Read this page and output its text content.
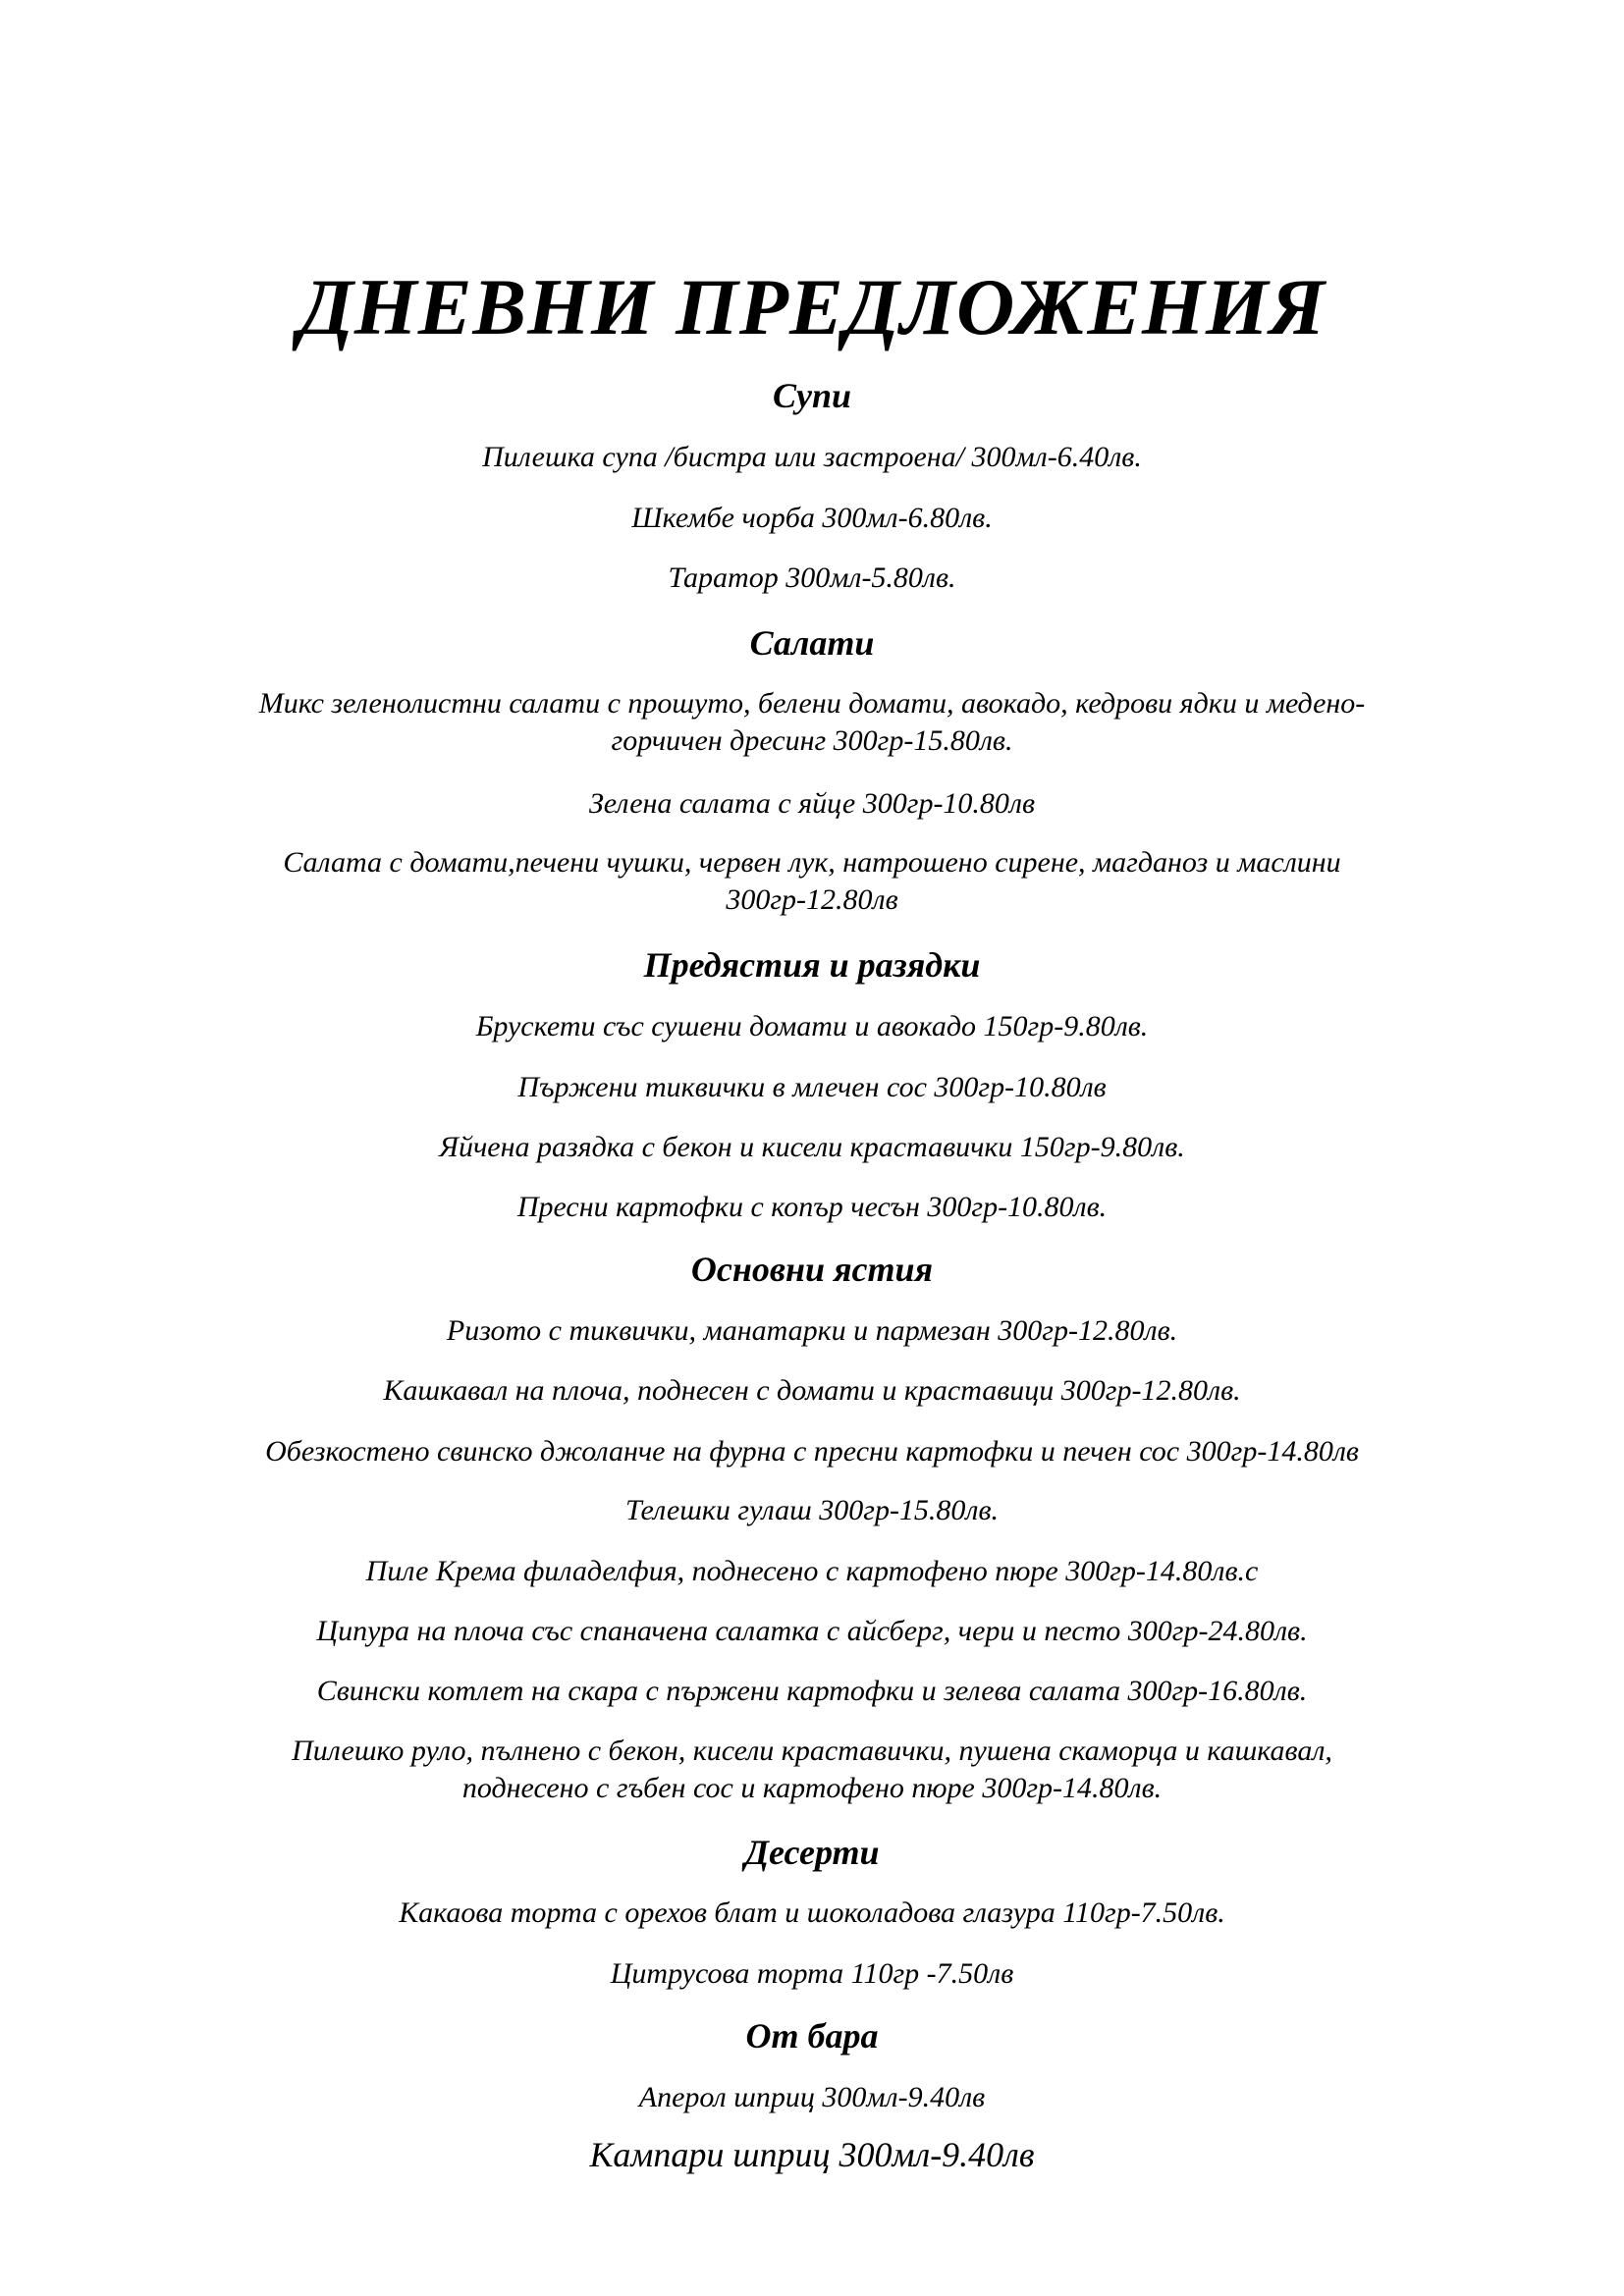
ДНЕВНИ ПРЕДЛОЖЕНИЯ
Супи
Пилешка супа /бистра или застроена/ 300мл-6.40лв.
Шкембе чорба 300мл-6.80лв.
Таратор 300мл-5.80лв.
Салати
Микс зеленолистни салати с прошуто, белени домати, авокадо, кедрови ядки и медено-
горчичен дресинг 300гр-15.80лв.
Зелена салата с яйце 300гр-10.80лв
Салата с домати,печени чушки, червен лук, натрошено сирене, магданоз и маслини
300гр-12.80лв
Предястия и разядки
Брускети със сушени домати и авокадо 150гр-9.80лв.
Пържени тиквички в млечен сос 300гр-10.80лв
Яйчена разядка с бекон и кисели краставички 150гр-9.80лв.
Пресни картофки с копър чесън 300гр-10.80лв.
Основни ястия
Ризото с тиквички, манатарки и пармезан 300гр-12.80лв.
Кашкавал на плоча, поднесен с домати и краставици 300гр-12.80лв.
Обезкостено свинско джоланче на фурна с пресни картофки и печен сос 300гр-14.80лв
Телешки гулаш 300гр-15.80лв.
Пиле Крема филаделфия, поднесено с картофено пюре 300гр-14.80лв.с
Ципура на плоча със спаначена салатка с айсберг, чери и песто 300гр-24.80лв.
Свински котлет на скара с пържени картофки и зелева салата 300гр-16.80лв.
Пилешко руло, пълнено с бекон, кисели краставички, пушена скаморца и кашкавал,
поднесено с гъбен сос и картофено пюре 300гр-14.80лв.
Десерти
Какаова торта с орехов блат и шоколадова глазура 110гр-7.50лв.
Цитрусова торта 110гр -7.50лв
От бара
Аперол шприц 300мл-9.40лв
Кампари шприц 300мл-9.40лв
